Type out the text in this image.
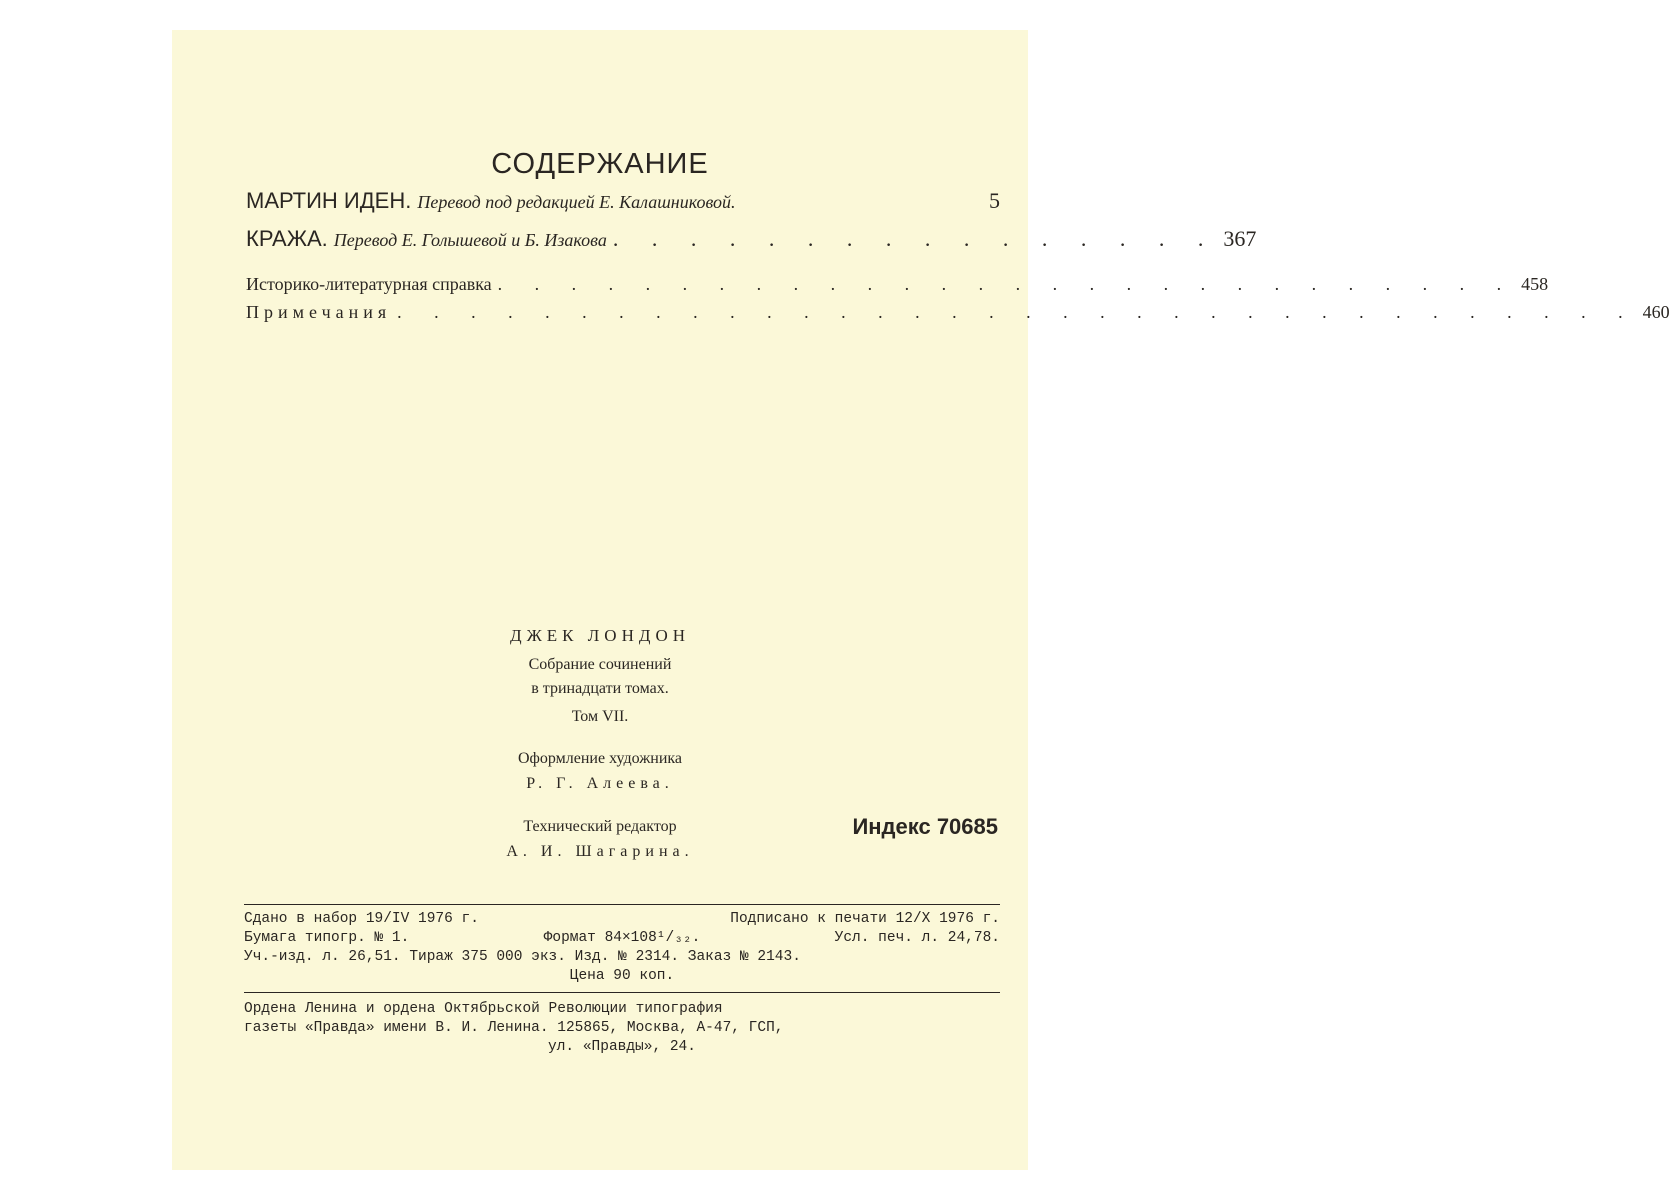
СОДЕРЖАНИЕ
МАРТИН ИДЕН. Перевод под редакцией Е. Калашниковой.	5
КРАЖА. Перевод Е. Голышевой и Б. Изакова . . . . . . . . . . . . . . . . 367
Историко-литературная справка . . . . . . . . . . . . . . . . . . . . . . . . . . . . 458
Примечания . . . . . . . . . . . . . . . . . . . . . . . . . . . . . . . . . . 460
ДЖЕК ЛОНДОН
Собрание сочинений
в тринадцати томах.
Том VII.
Оформление художника
Р. Г. Алеева.
Технический редактор
А. И. Шагарина.
Сдано в набор 19/IV 1976 г.	Подписано к печати 12/X 1976 г.
Бумага типогр. № 1.	Формат 84×108¹/₃₂.	Усл. печ. л. 24,78.
Уч.-изд. л. 26,51. Тираж 375 000 экз. Изд. № 2314. Заказ № 2143.
Цена 90 коп.
Ордена Ленина и ордена Октябрьской Революции типография
газеты «Правда» имени В. И. Ленина. 125865, Москва, А-47, ГСП,
ул. «Правды», 24.
Индекс 70685
